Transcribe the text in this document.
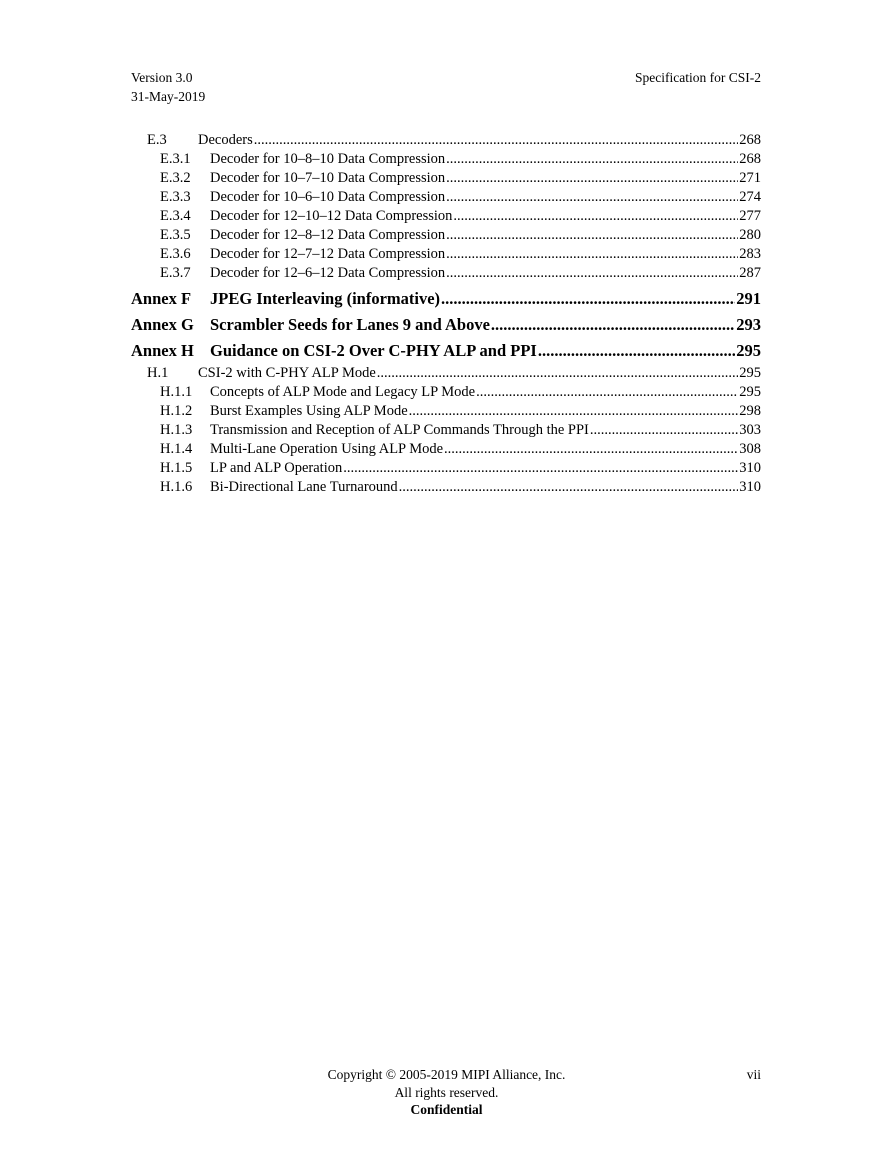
Version 3.0
31-May-2019
Specification for CSI-2
E.3	Decoders .....	268
E.3.1	Decoder for 10–8–10 Data Compression .....	268
E.3.2	Decoder for 10–7–10 Data Compression .....	271
E.3.3	Decoder for 10–6–10 Data Compression .....	274
E.3.4	Decoder for 12–10–12 Data Compression .....	277
E.3.5	Decoder for 12–8–12 Data Compression .....	280
E.3.6	Decoder for 12–7–12 Data Compression .....	283
E.3.7	Decoder for 12–6–12 Data Compression .....	287
Annex F	JPEG Interleaving (informative) .....	291
Annex G Scrambler Seeds for Lanes 9 and Above .....	293
Annex H Guidance on CSI-2 Over C-PHY ALP and PPI .....	295
H.1	CSI-2 with C-PHY ALP Mode .....	295
H.1.1	Concepts of ALP Mode and Legacy LP Mode .....	295
H.1.2	Burst Examples Using ALP Mode .....	298
H.1.3	Transmission and Reception of ALP Commands Through the PPI .....	303
H.1.4	Multi-Lane Operation Using ALP Mode .....	308
H.1.5	LP and ALP Operation .....	310
H.1.6	Bi-Directional Lane Turnaround .....	310
Copyright © 2005-2019 MIPI Alliance, Inc.
All rights reserved.
Confidential
vii
